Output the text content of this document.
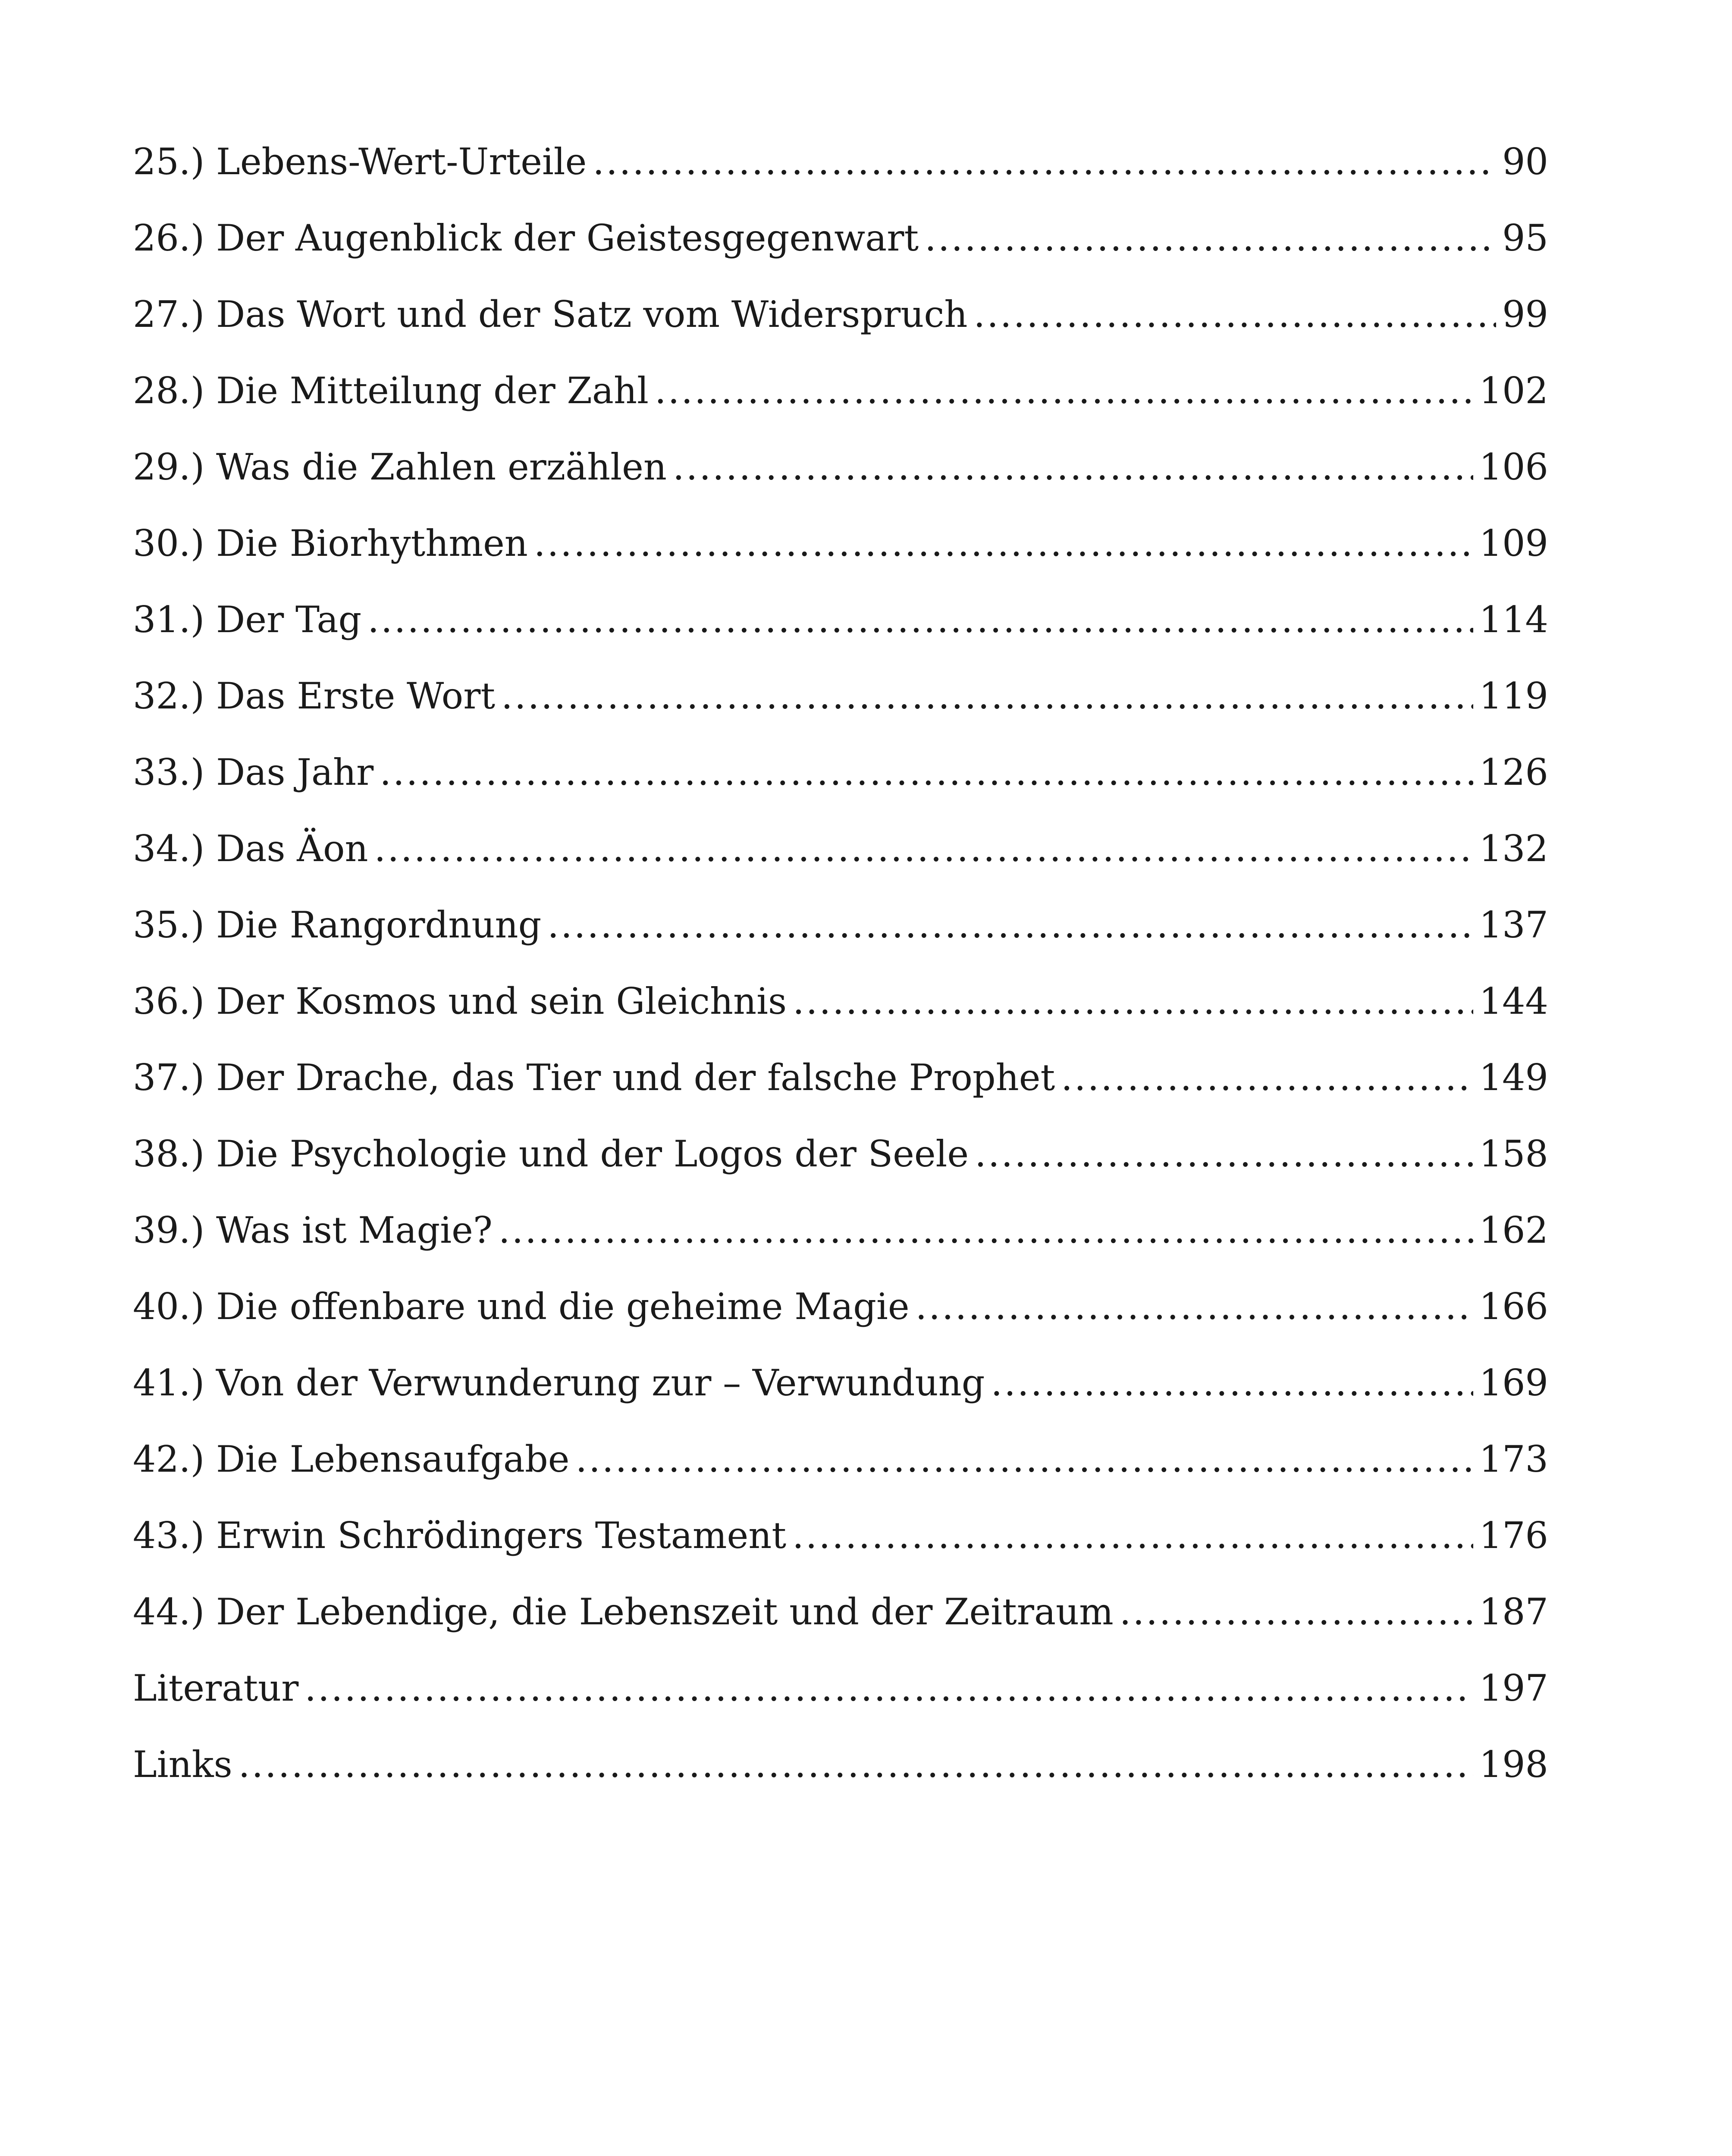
25.) Lebens-Wert-Urteile .....	90
26.) Der Augenblick der Geistesgegenwart .....	95
27.) Das Wort und der Satz vom Widerspruch .....	99
28.) Die Mitteilung der Zahl .....	102
29.) Was die Zahlen erzählen .....	106
30.) Die Biorhythmen .....	109
31.) Der Tag .....	114
32.) Das Erste Wort .....	119
33.) Das Jahr .....	126
34.) Das Äon .....	132
35.) Die Rangordnung .....	137
36.) Der Kosmos und sein Gleichnis .....	144
37.) Der Drache, das Tier und der falsche Prophet .....	149
38.) Die Psychologie und der Logos der Seele .....	158
39.) Was ist Magie? .....	162
40.) Die offenbare und die geheime Magie .....	166
41.) Von der Verwunderung zur – Verwundung .....	169
42.) Die Lebensaufgabe .....	173
43.) Erwin Schrödingers Testament .....	176
44.) Der Lebendige, die Lebenszeit und der Zeitraum .....	187
Literatur .....	197
Links .....	198
